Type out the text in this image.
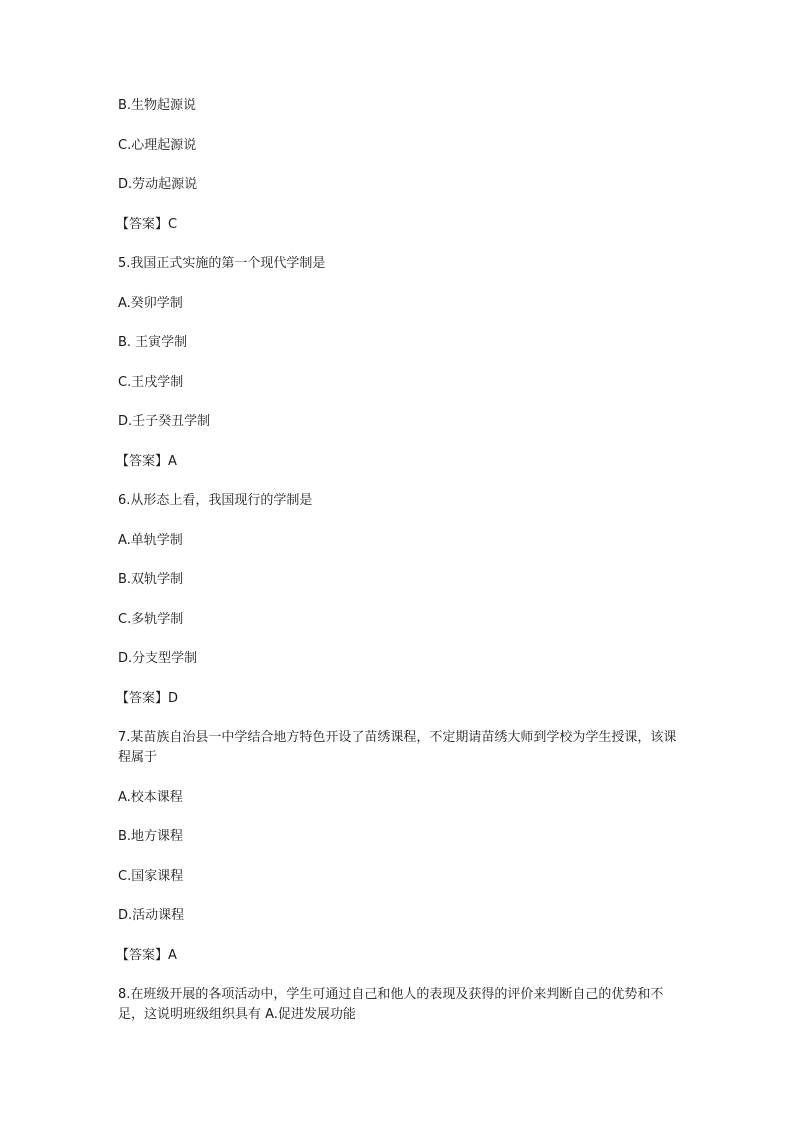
B.生物起源说
C.心理起源说
D.劳动起源说
【答案】C
5.我国正式实施的第一个现代学制是
A.癸卯学制
B. 王寅学制
C.王戌学制
D.壬子癸丑学制
【答案】A
6.从形态上看，我国现行的学制是
A.单轨学制
B.双轨学制
C.多轨学制
D.分支型学制
【答案】D
7.某苗族自治县一中学结合地方特色开设了苗绣课程，不定期请苗绣大师到学校为学生授课，该课程属于
A.校本课程
B.地方课程
C.国家课程
D.活动课程
【答案】A
8.在班级开展的各项活动中，学生可通过自己和他人的表现及获得的评价来判断自己的优势和不足，这说明班级组织具有 A.促进发展功能
